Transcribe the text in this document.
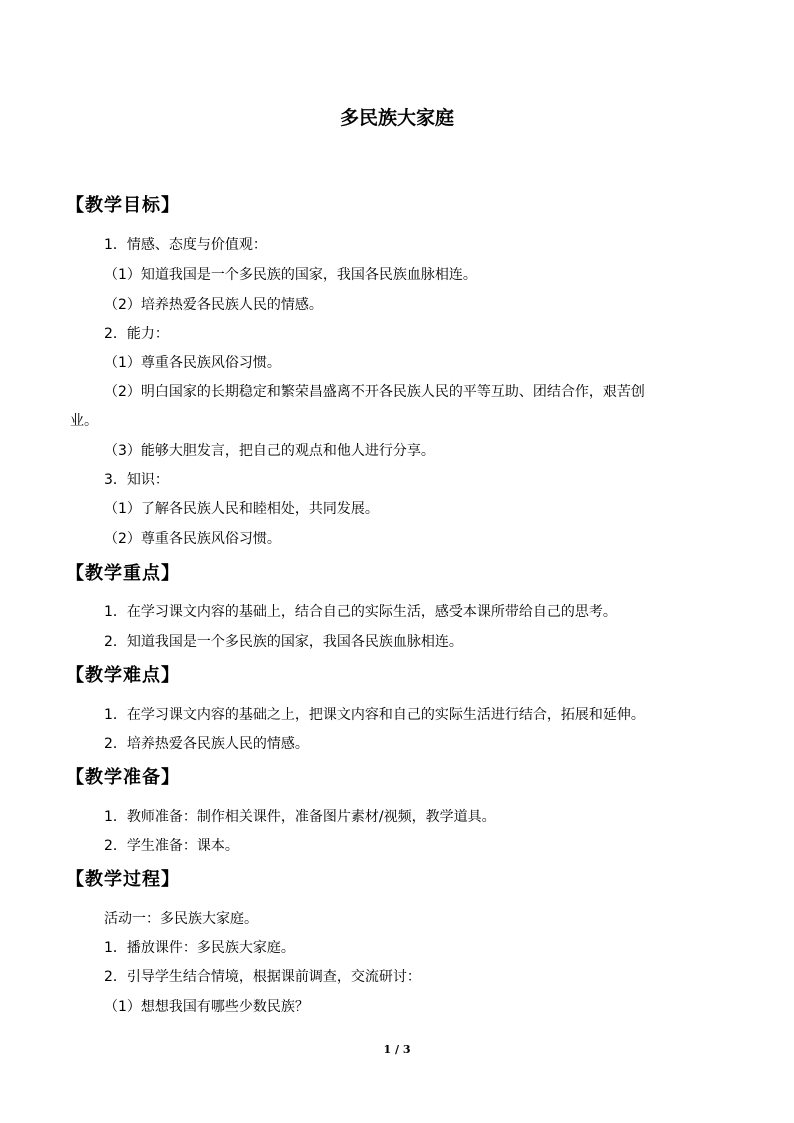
多民族大家庭
【教学目标】
1．情感、态度与价值观：
（1）知道我国是一个多民族的国家，我国各民族血脉相连。
（2）培养热爱各民族人民的情感。
2．能力：
（1）尊重各民族风俗习惯。
（2）明白国家的长期稳定和繁荣昌盛离不开各民族人民的平等互助、团结合作，艰苦创
业。
（3）能够大胆发言，把自己的观点和他人进行分享。
3．知识：
（1）了解各民族人民和睦相处，共同发展。
（2）尊重各民族风俗习惯。
【教学重点】
1．在学习课文内容的基础上，结合自己的实际生活，感受本课所带给自己的思考。
2．知道我国是一个多民族的国家，我国各民族血脉相连。
【教学难点】
1．在学习课文内容的基础之上，把课文内容和自己的实际生活进行结合，拓展和延伸。
2．培养热爱各民族人民的情感。
【教学准备】
1．教师准备：制作相关课件，准备图片素材/视频，教学道具。
2．学生准备：课本。
【教学过程】
活动一：多民族大家庭。
1．播放课件：多民族大家庭。
2．引导学生结合情境，根据课前调查，交流研讨：
（1）想想我国有哪些少数民族？
1 / 3
